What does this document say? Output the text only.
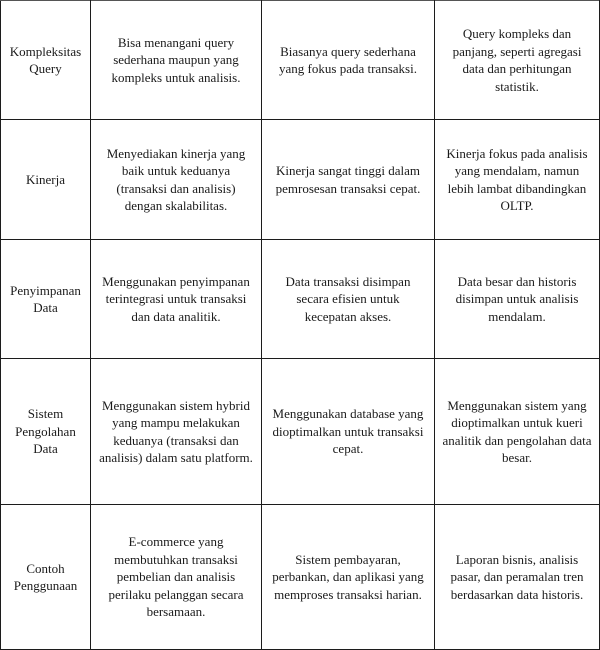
Kompleksitas Query	Bisa menangani query sederhana maupun yang kompleks untuk analisis.	Biasanya query sederhana yang fokus pada transaksi.	Query kompleks dan panjang, seperti agregasi data dan perhitungan statistik.
Kinerja	Menyediakan kinerja yang baik untuk keduanya (transaksi dan analisis) dengan skalabilitas.	Kinerja sangat tinggi dalam pemrosesan transaksi cepat.	Kinerja fokus pada analisis yang mendalam, namun lebih lambat dibandingkan OLTP.
Penyimpanan Data	Menggunakan penyimpanan terintegrasi untuk transaksi dan data analitik.	Data transaksi disimpan secara efisien untuk kecepatan akses.	Data besar dan historis disimpan untuk analisis mendalam.
Sistem Pengolahan Data	Menggunakan sistem hybrid yang mampu melakukan keduanya (transaksi dan analisis) dalam satu platform.	Menggunakan database yang dioptimalkan untuk transaksi cepat.	Menggunakan sistem yang dioptimalkan untuk kueri analitik dan pengolahan data besar.
Contoh Penggunaan	E-commerce yang membutuhkan transaksi pembelian dan analisis perilaku pelanggan secara bersamaan.	Sistem pembayaran, perbankan, dan aplikasi yang memproses transaksi harian.	Laporan bisnis, analisis pasar, dan peramalan tren berdasarkan data historis.
